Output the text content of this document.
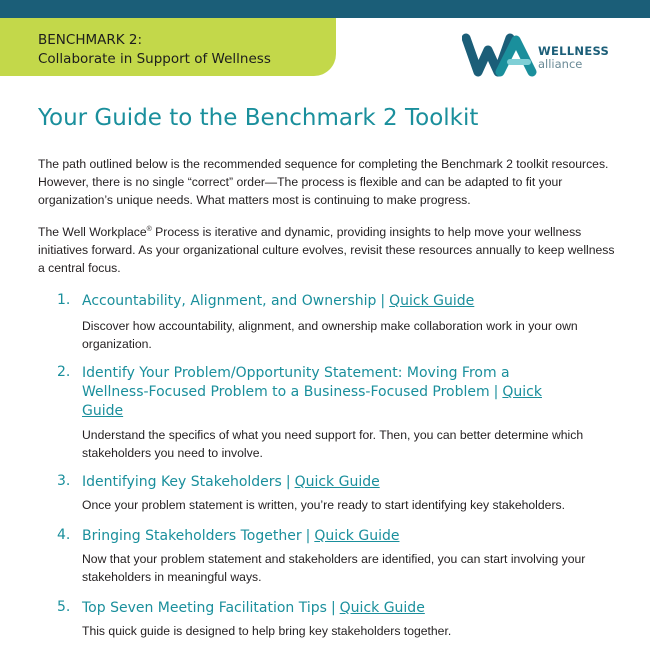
BENCHMARK 2:
Collaborate in Support of Wellness	WELLNESS
alliance
Your Guide to the Benchmark 2 Toolkit

The path outlined below is the recommended sequence for completing the Benchmark 2 toolkit resources. However, there is no single “correct” order—The process is flexible and can be adapted to fit your organization’s unique needs. What matters most is continuing to make progress.

The Well Workplace® Process is iterative and dynamic, providing insights to help move your wellness initiatives forward. As your organizational culture evolves, revisit these resources annually to keep wellness a central focus.

1. Accountability, Alignment, and Ownership | Quick Guide

Discover how accountability, alignment, and ownership make collaboration work in your own organization.

2. Identify Your Problem/Opportunity Statement: Moving From a Wellness-Focused Problem to a Business-Focused Problem | Quick Guide

Understand the specifics of what you need support for. Then, you can better determine which stakeholders you need to involve.

3. Identifying Key Stakeholders | Quick Guide

Once your problem statement is written, you’re ready to start identifying key stakeholders.

4. Bringing Stakeholders Together | Quick Guide

Now that your problem statement and stakeholders are identified, you can start involving your stakeholders in meaningful ways.

5. Top Seven Meeting Facilitation Tips | Quick Guide

This quick guide is designed to help bring key stakeholders together.
